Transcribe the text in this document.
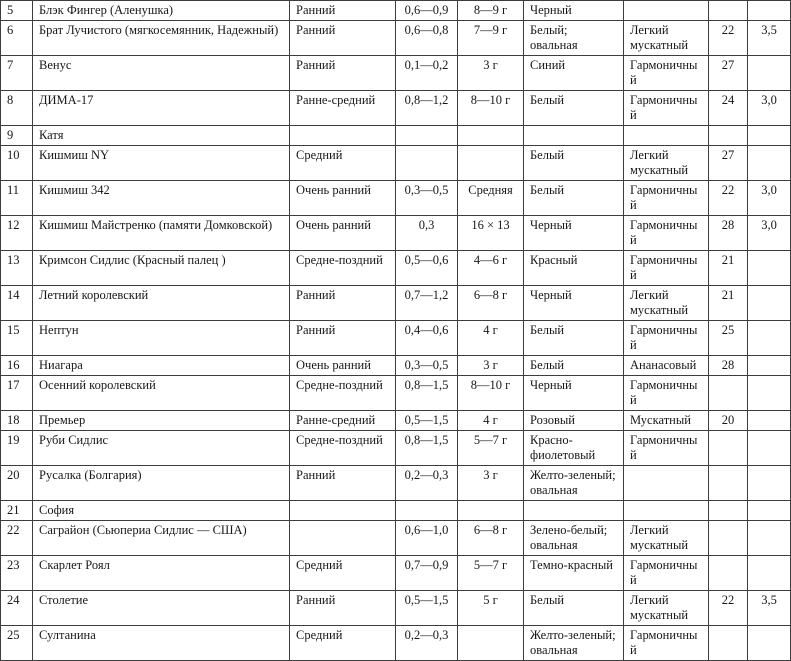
5	Блэк Фингер (Аленушка)	Ранний	0,6—0,9	8—9 г	Черный			
6	Брат Лучистого (мягкосемянник, Надежный)	Ранний	0,6—0,8	7—9 г	Белый; овальная	Легкий мускатный	22	3,5
7	Венус	Ранний	0,1—0,2	3 г	Синий	Гармоничный	27	
8	ДИМА-17	Ранне-средний	0,8—1,2	8—10 г	Белый	Гармоничный	24	3,0
9	Катя							
10	Кишмиш NY	Средний			Белый	Легкий мускатный	27	
11	Кишмиш 342	Очень ранний	0,3—0,5	Средняя	Белый	Гармоничный	22	3,0
12	Кишмиш Майстренко (памяти Домковской)	Очень ранний	0,3	16 × 13	Черный	Гармоничный	28	3,0
13	Кримсон Сидлис (Красный палец )	Средне-поздний	0,5—0,6	4—6 г	Красный	Гармоничный	21	
14	Летний королевский	Ранний	0,7—1,2	6—8 г	Черный	Легкий мускатный	21	
15	Нептун	Ранний	0,4—0,6	4 г	Белый	Гармоничный	25	
16	Ниагара	Очень ранний	0,3—0,5	3 г	Белый	Ананасовый	28	
17	Осенний королевский	Средне-поздний	0,8—1,5	8—10 г	Черный	Гармоничный		
18	Премьер	Ранне-средний	0,5—1,5	4 г	Розовый	Мускатный	20	
19	Руби Сидлис	Средне-поздний	0,8—1,5	5—7 г	Красно-фиолетовый	Гармоничный		
20	Русалка (Болгария)	Ранний	0,2—0,3	3 г	Желто-зеленый; овальная			
21	София							
22	Саграйон (Сьюпериа Сидлис — США)		0,6—1,0	6—8 г	Зелено-белый; овальная	Легкий мускатный		
23	Скарлет Роял	Средний	0,7—0,9	5—7 г	Темно-красный	Гармоничный		
24	Столетие	Ранний	0,5—1,5	5 г	Белый	Легкий мускатный	22	3,5
25	Султанина	Средний	0,2—0,3		Желто-зеленый; овальная	Гармоничный		
